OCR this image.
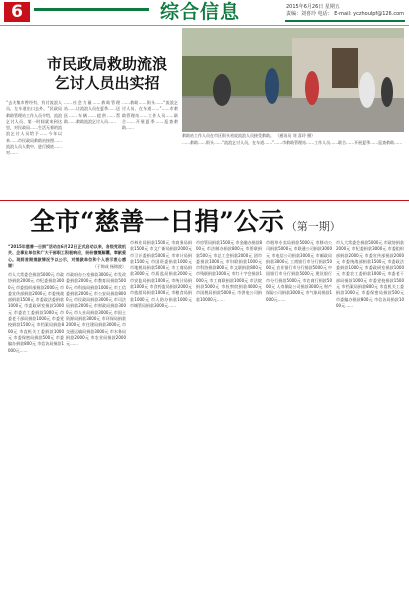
6	综合信息	2015年6月26日 星期五
责编：刘喜玲 电话： E-mail: yczhoulpf@126.com
市民政局救助流浪
乞讨人员出实招
“去夫集市曾经有，有讨流浪人员，左车道出口去外。”民政局救助管理站工作人员介绍，流浪乞讨人员，第一时间就来到这里，对民政局……生活无着的流浪乞讨人员给予……今年以来……市民政局救助站按照……流浪人员人数中，进行摸底……对……
……社会力量……救助管理站……让流浪人员在夏季……送医……车辆……提供……帮助……救助流浪乞讨人员……
……救助……街头……“流浪乞讨人员，在车道……”……市救助管理站……工作人员……联合……开展夏季……巡查救助……
……救助……街头……“流浪乞讨人员，在车道……”……市救助管理站……工作人员……联合……开展夏季……巡查救助……
救助站工作人员在市区街头劝说流浪人员接受救助。 （通讯员 刘 喜玲 摄）
全市“慈善一日捐”公示 （第一期）
“2015年慈善一日捐”活动自6月22日正式启动以来，各级党政机关、企事业单位和广大干部职工积极响应，纷纷慷慨解囊，奉献爱心。现将首期捐款情况予以公示，对捐款单位和个人表示衷心感谢！	（于锦成 杨锦波）
市人大常委会捐款5000元 市政协捐款2000元 市纪委捐款3000元 市委组织部捐款2000元 市委宣传部捐款2000元 市委统战部捐款1500元 市委政法委捐款1000元 市委政研室捐款1000元 市委农工委捐款1000元 市委老干部局捐款1000元 市委党校捐款1500元 市档案局捐款800元 市直机关工委捐款1000元 市委保密局捐款500元 市委编办捐款800元 市信访局捐款1000元……
市政府办公室捐款3000元 市发改委捐款2000元 市教育局捐款5000元 市科技局捐款1000元 市工信委捐款2000元 市公安局捐款8000元 市民政局捐款3000元 市司法局捐款2000元 市财政局捐款3000元 市人社局捐款3000元 市国土资源局捐款3000元 市环保局捐款2000元 市住建局捐款3000元 市交通运输局捐款3000元 市水务局捐款2000元 市农业局捐款2000元……
市林业局捐款1500元 市商务局捐款1500元 市文广新局捐款2000元 市卫计委捐款5000元 市审计局捐款1500元 市国资委捐款1000元 市地税局捐款5000元 市工商局捐款3000元 市质监局捐款2000元 市安监局捐款1000元 市统计局捐款1000元 市食药监局捐款2000元 市旅游局捐款1000元 市粮食局捐款1000元 市人防办捐款1000元 市城管局捐款3000元……
市房管局捐款1500元 市金融办捐款800元 市法制办捐款800元 市侨联捐款500元 市总工会捐款2000元 团市委捐款1000元 市妇联捐款1000元 市科协捐款800元 市文联捐款800元 市残联捐款1000元 市红十字会捐款1000元 市工商联捐款1000元 市法院捐款5000元 市检察院捐款4000元 市国税局捐款5000元 市供电公司捐款10000元……
市烟草专卖局捐款5000元 市移动公司捐款5000元 市联通公司捐款3000元 市电信公司捐款3000元 市邮政局捐款3000元 工商银行市分行捐款5000元 农业银行市分行捐款5000元 中国银行市分行捐款5000元 建设银行市分行捐款5000元 市农商行捐款5000元 人寿保险公司捐款3000元 财产保险公司捐款3000元 市气象局捐款1000元……
市人大常委会捐款5000元 市政协捐款2000元 市纪委捐款3000元 市委组织部捐款2000元 市委宣传部捐款2000元 市委统战部捐款1500元 市委政法委捐款1000元 市委政研室捐款1000元 市委农工委捐款1000元 市委老干部局捐款1000元 市委党校捐款1500元 市档案局捐款800元 市直机关工委捐款1000元 市委保密局捐款500元 市委编办捐款800元 市信访局捐款1000元……
